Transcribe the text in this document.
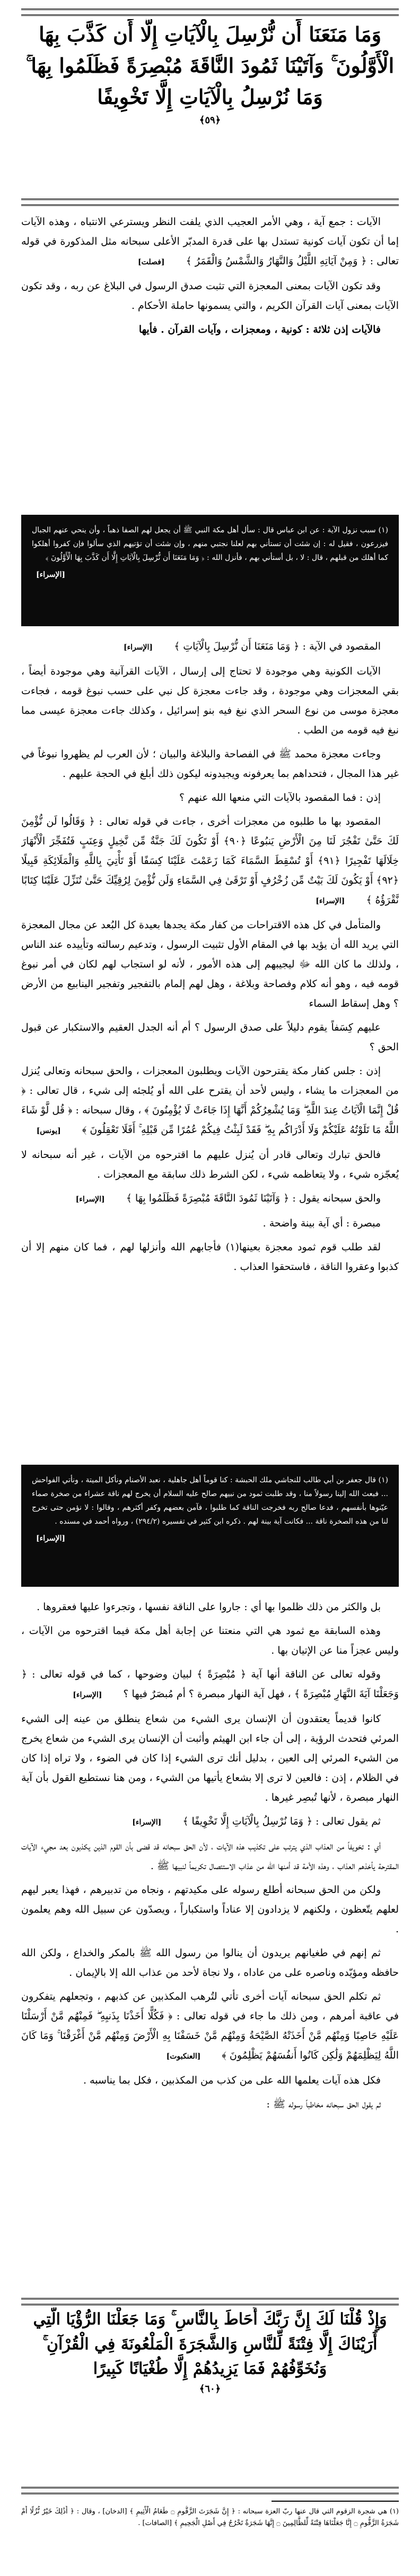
وَمَا مَنَعَنَا أَن نُّرْسِلَ بِالْآيَاتِ إِلَّا أَن كَذَّبَ بِهَا الْأَوَّلُونَ ۚ وَآتَيْنَا ثَمُودَ النَّاقَةَ مُبْصِرَةً فَظَلَمُوا بِهَا ۚ وَمَا نُرْسِلُ بِالْآيَاتِ إِلَّا تَخْوِيفًا
﴿٥٩﴾

الآيات : جمع آية ، وهي الأمر العجيب الذي يلفت النظر ويسترعي الانتباه ، وهذه الآيات إما أن تكون آيات كونية تستدل بها على قدرة المدبّر الأعلى سبحانه مثل المذكورة في قوله تعالى : ﴿ وَمِنْ آيَاتِهِ اللَّيْلُ وَالنَّهَارُ وَالشَّمْسُ وَالْقَمَرُ ﴾ [فصلت]

وقد تكون الآيات بمعنى المعجزة التي تثبت صدق الرسول في البلاغ عن ربه ، وقد تكون الآيات بمعنى آيات القرآن الكريم ، والتي يسمونها حاملة الأحكام .

فالآيات إذن ثلاثة : كونية ، ومعجزات ، وآيات القرآن . فأيها

(١) سبب نزول الآية : عن ابن عباس قال : سأل أهل مكة النبي ﷺ أن يجعل لهم الصفا ذهباً ، وأن ينحي عنهم الجبال فيزرعون ، فقيل له : إن شئت أن تستأني بهم لعلنا نجتبي منهم ، وإن شئت أن تؤتيهم الذي سألوا فإن كفروا أهلكوا كما أهلك من قبلهم ، قال : لا ، بل أستأني بهم ، فأنزل الله : ﴿ وَمَا مَنَعَنَا أَن نُّرْسِلَ بِالْآيَاتِ إِلَّا أَن كَذَّبَ بِهَا الْأَوَّلُونَ ﴾

[الإسراء]

المقصود في الآية : ﴿ وَمَا مَنَعَنَا أَن نُّرْسِلَ بِالْآيَاتِ ﴾ [الإسراء]

الآيات الكونية وهي موجودة لا تحتاج إلى إرسال ، الآيات القرآنية وهي موجودة أيضاً ، بقي المعجزات وهي موجودة ، وقد جاءت معجزة كل نبي على حسب نبوغ قومه ، فجاءت معجزة موسى من نوع السحر الذي نبغ فيه بنو إسرائيل ، وكذلك جاءت معجزة عيسى مما نبغ فيه قومه من الطب .

وجاءت معجزة محمد ﷺ في الفصاحة والبلاغة والبيان ؛ لأن العرب لم يظهروا نبوغاً في غير هذا المجال ، فتحداهم بما يعرفونه ويجيدونه ليكون ذلك أبلغ في الحجة عليهم .

إذن : فما المقصود بالآيات التي منعها الله عنهم ؟

المقصود بها ما طلبوه من معجزات أخرى ، جاءت في قوله تعالى : ﴿ وَقَالُوا لَن نُّؤْمِنَ لَكَ حَتَّىٰ تَفْجُرَ لَنَا مِنَ الْأَرْضِ يَنبُوعًا ﴿٩٠﴾ أَوْ تَكُونَ لَكَ جَنَّةٌ مِّن نَّخِيلٍ وَعِنَبٍ فَتُفَجِّرَ الْأَنْهَارَ خِلَالَهَا تَفْجِيرًا ﴿٩١﴾ أَوْ تُسْقِطَ السَّمَاءَ كَمَا زَعَمْتَ عَلَيْنَا كِسَفًا أَوْ تَأْتِيَ بِاللَّهِ وَالْمَلَائِكَةِ قَبِيلًا ﴿٩٢﴾ أَوْ يَكُونَ لَكَ بَيْتٌ مِّن زُخْرُفٍ أَوْ تَرْقَىٰ فِي السَّمَاءِ وَلَن نُّؤْمِنَ لِرُقِيِّكَ حَتَّىٰ تُنَزِّلَ عَلَيْنَا كِتَابًا نَّقْرَؤُهُ ﴾ [الإسراء]

والمتأمل في كل هذه الاقتراحات من كفار مكة يجدها بعيدة كل البُعد عن مجال المعجزة التي يريد الله أن يؤيد بها في المقام الأول تثبيت الرسول ، وتدعيم رسالته وتأييده عند الناس ، ولذلك ما كان الله ﷻ ليجيبهم إلى هذه الأمور ، لأنه لو استجاب لهم لكان في أمر نبوغ قومه فيه ، وهو أنه كلام وفصاحة وبلاغة ، وهل لهم إلمام بالتفجير وتفجير الينابيع من الأرض ؟ وهل إسقاط السماء

عليهم كِسَفاً يقوم دليلاً على صدق الرسول ؟ أم أنه الجدل العقيم والاستكبار عن قبول الحق ؟

إذن : جلس كفار مكة يقترحون الآيات ويطلبون المعجزات ، والحق سبحانه وتعالى يُنزل من المعجزات ما يشاء ، وليس لأحد أن يقترح على الله أو يُلجئه إلى شيء ، قال تعالى : ﴿ قُلْ إِنَّمَا الْآيَاتُ عِندَ اللَّهِ ۖ وَمَا يُشْعِرُكُمْ أَنَّهَا إِذَا جَاءَتْ لَا يُؤْمِنُونَ ﴾ ، وقال سبحانه : ﴿ قُل لَّوْ شَاءَ اللَّهُ مَا تَلَوْتُهُ عَلَيْكُمْ وَلَا أَدْرَاكُم بِهِ ۖ فَقَدْ لَبِثْتُ فِيكُمْ عُمُرًا مِّن قَبْلِهِ ۚ أَفَلَا تَعْقِلُونَ ﴾ [يونس]

فالحق تبارك وتعالى قادر أن يُنزل عليهم ما اقترحوه من الآيات ، غير أنه سبحانه لا يُعجّزه شيء ، ولا يتعاظمه شيء ، لكن الشرط ذلك سابقة مع المعجزات .

والحق سبحانه يقول : ﴿ وَآتَيْنَا ثَمُودَ النَّاقَةَ مُبْصِرَةً فَظَلَمُوا بِهَا ﴾ [الإسراء]

مبصرة : أي آية بينة واضحة .

لقد طلب قوم ثمود معجزة بعينها(١) فأجابهم الله وأنزلها لهم ، فما كان منهم إلا أن كذبوا وعقروا الناقة ، فاستحقوا العذاب .

(١) قال جعفر بن أبي طالب للنجاشي ملك الحبشة : كنا قوماً أهل جاهلية ، نعبد الأصنام ونأكل الميتة ، ونأتي الفواحش ... فبعث الله إلينا رسولاً منا ، وقد طلبت ثمود من نبيهم صالح عليه السلام أن يخرج لهم ناقة عشراء من صخرة صماء عيّنوها بأنفسهم ، فدعا صالح ربه فخرجت الناقة كما طلبوا ، فآمن بعضهم وكفر أكثرهم ، وقالوا : لا نؤمن حتى تخرج لنا من هذه الصخرة ناقة ... فكانت آية بينة لهم . ذكره ابن كثير في تفسيره (٢٩٤/٢) ، ورواه أحمد في مسنده .

[الإسراء]

بل والكثر من ذلك ظلموا بها أي : جاروا على الناقة نفسها ، وتجرءوا عليها فعقروها .

وهذه السابقة مع ثمود هي التي منعتنا عن إجابة أهل مكة فيما اقترحوه من الآيات ، وليس عجزاً منا عن الإتيان بها .

وقوله تعالى عن الناقة أنها آية ﴿ مُبْصِرَةً ﴾ لبيان وضوحها ، كما في قوله تعالى : ﴿ وَجَعَلْنَا آيَةَ النَّهَارِ مُبْصِرَةً ﴾ ، فهل آية النهار مبصرة ؟ أم مُبصَرٌ فيها ؟ [الإسراء]

كانوا قديماً يعتقدون أن الإنسان يرى الشيء من شعاع ينطلق من عينه إلى الشيء المرئي فتحدث الرؤية ، إلى أن جاء ابن الهيثم وأثبت أن الإنسان يرى الشيء من شعاع يخرج من الشيء المرئي إلى العين ، بدليل أنك ترى الشيء إذا كان في الضوء ، ولا تراه إذا كان في الظلام ، إذن : فالعين لا ترى إلا بشعاع يأتيها من الشيء ، ومن هنا نستطيع القول بأن آية النهار مبصرة ، لأنها تُبصِر غيرها .

ثم يقول تعالى : ﴿ وَمَا نُرْسِلُ بِالْآيَاتِ إِلَّا تَخْوِيفًا ﴾ [الإسراء]

أي : تخويفاً من العذاب الذي يترتب على تكذيب هذه الآيات ، لأن الحق سبحانه قد قضى بأن القوم الذين يكذبون بعد مجيء الآيات المقترحة يأخذهم العذاب ، وهذه الأمة قد أمنها الله من عذاب الاستئصال تكريماً لنبيها ﷺ .

ولكن من الحق سبحانه أطلع رسوله على مكيدتهم ، ونجاه من تدبيرهم ، فهذا يعبر ليهم لعلهم يتّعظون ، ولكنهم لا يزدادون إلا عناداً واستكباراً ، ويصدّون عن سبيل الله وهم يعلمون .

ثم إنهم في طغيانهم يريدون أن ينالوا من رسول الله ﷺ بالمكر والخداع ، ولكن الله حافظه ومؤيّده وناصره على من عاداه ، ولا نجاة لأحد من عذاب الله إلا بالإيمان .

ثم تكلم الحق سبحانه آيات أخرى تأتي لتُرهب المكذبين عن كذبهم ، وتجعلهم يتفكرون في عاقبة أمرهم ، ومن ذلك ما جاء في قوله تعالى : ﴿ فَكُلًّا أَخَذْنَا بِذَنبِهِ ۖ فَمِنْهُم مَّنْ أَرْسَلْنَا عَلَيْهِ حَاصِبًا وَمِنْهُم مَّنْ أَخَذَتْهُ الصَّيْحَةُ وَمِنْهُم مَّنْ خَسَفْنَا بِهِ الْأَرْضَ وَمِنْهُم مَّنْ أَغْرَقْنَا ۚ وَمَا كَانَ اللَّهُ لِيَظْلِمَهُمْ وَلَٰكِن كَانُوا أَنفُسَهُمْ يَظْلِمُونَ ﴾ [العنكبوت]

فكل هذه آيات يعلمها الله على من كذب من المكذبين ، فكل بما يناسبه .

ثم يقول الحق سبحانه مخاطباً رسوله ﷺ :

وَإِذْ قُلْنَا لَكَ إِنَّ رَبَّكَ أَحَاطَ بِالنَّاسِ ۚ وَمَا جَعَلْنَا الرُّؤْيَا الَّتِي أَرَيْنَاكَ إِلَّا فِتْنَةً لِّلنَّاسِ وَالشَّجَرَةَ الْمَلْعُونَةَ فِي الْقُرْآنِ ۚ وَنُخَوِّفُهُمْ فَمَا يَزِيدُهُمْ إِلَّا طُغْيَانًا كَبِيرًا
﴿٦٠﴾

(١) هي شجرة الزقوم التي قال عنها ربّ العزة سبحانه : ﴿ إِنَّ شَجَرَتَ الزَّقُّومِ ۝ طَعَامُ الْأَثِيمِ ﴾ [الدخان] ، وقال : ﴿ أَذَٰلِكَ خَيْرٌ نُّزُلًا أَمْ شَجَرَةُ الزَّقُّومِ ۝ إِنَّا جَعَلْنَاهَا فِتْنَةً لِّلظَّالِمِينَ ۝ إِنَّهَا شَجَرَةٌ تَخْرُجُ فِي أَصْلِ الْجَحِيمِ ﴾ [الصافات] .
